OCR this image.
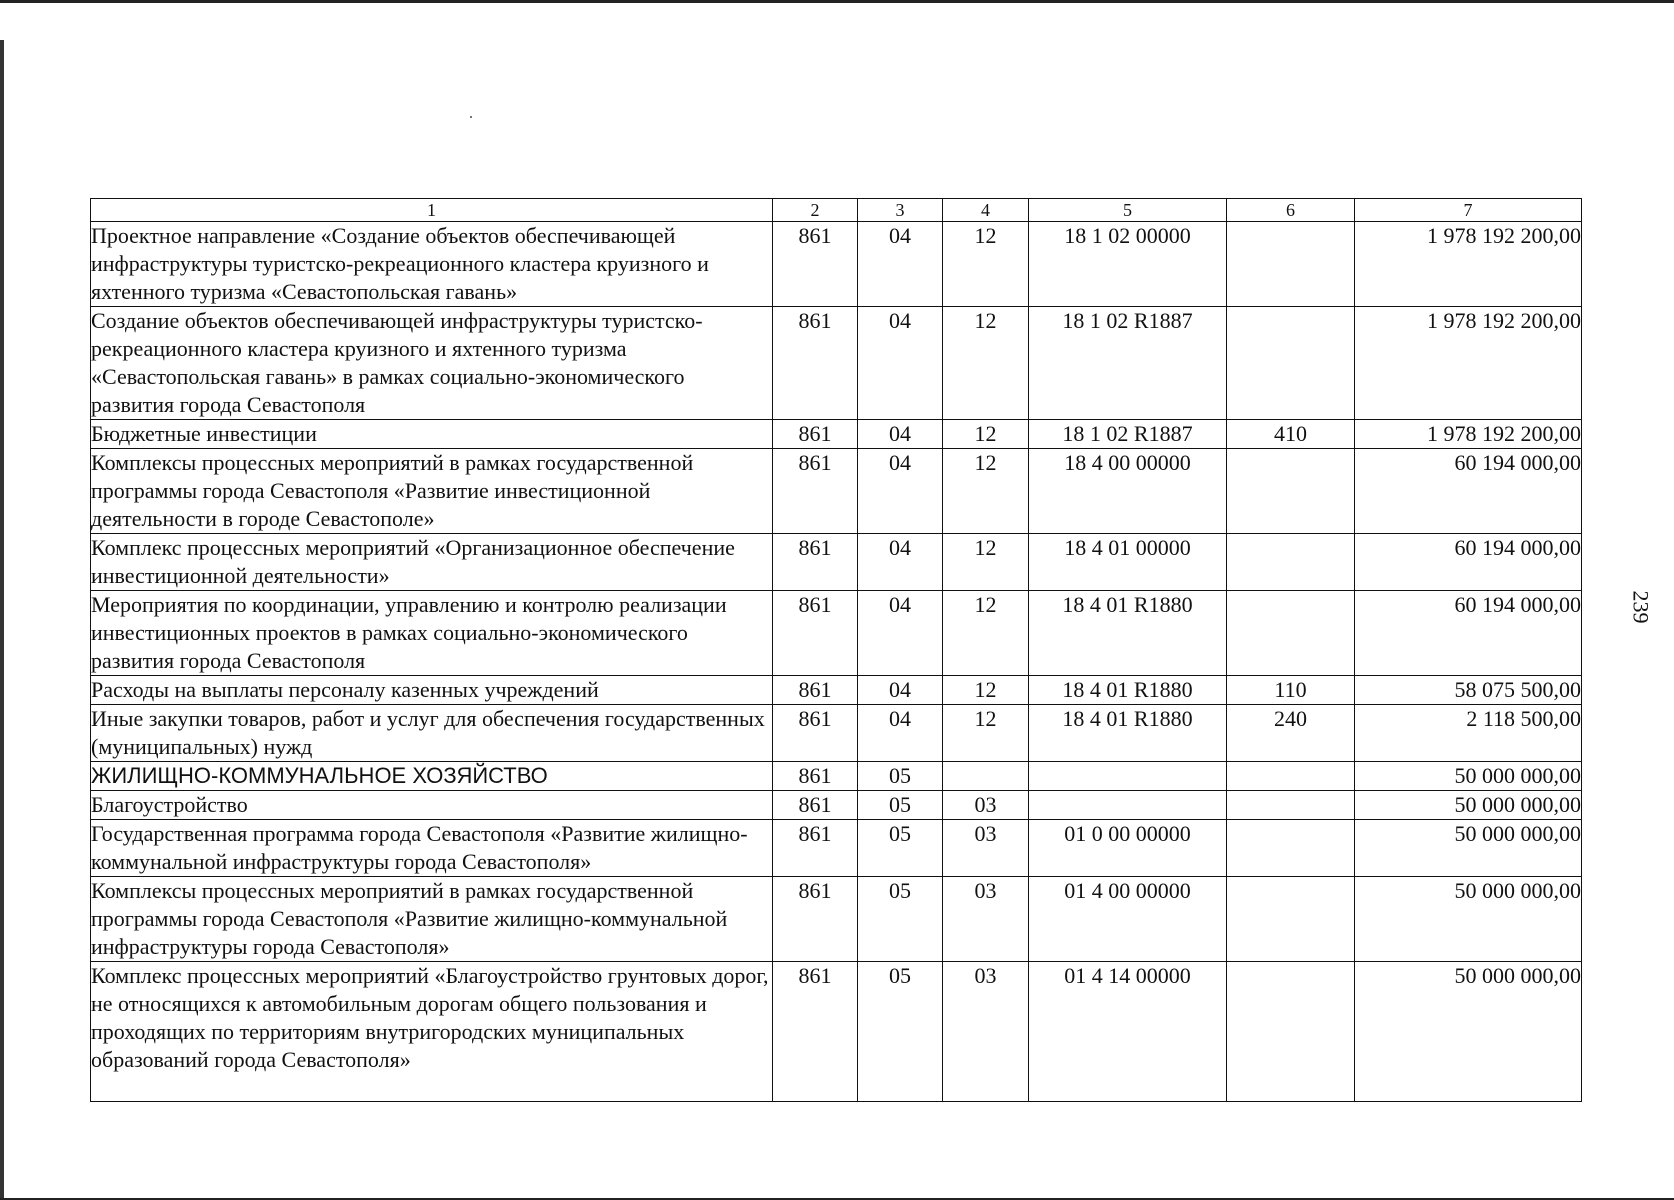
1	2	3	4	5	6	7
Проектное направление «Создание объектов обеспечивающей инфраструктуры туристско-рекреационного кластера круизного и яхтенного туризма «Севастопольская гавань»	861	04	12	18 1 02 00000		1 978 192 200,00
Создание объектов обеспечивающей инфраструктуры туристско-рекреационного кластера круизного и яхтенного туризма «Севастопольская гавань» в рамках социально-экономического развития города Севастополя	861	04	12	18 1 02 R1887		1 978 192 200,00
Бюджетные инвестиции	861	04	12	18 1 02 R1887	410	1 978 192 200,00
Комплексы процессных мероприятий в рамках государственной программы города Севастополя «Развитие инвестиционной деятельности в городе Севастополе»	861	04	12	18 4 00 00000		60 194 000,00
Комплекс процессных мероприятий «Организационное обеспечение инвестиционной деятельности»	861	04	12	18 4 01 00000		60 194 000,00
Мероприятия по координации, управлению и контролю реализации инвестиционных проектов в рамках социально-экономического развития города Севастополя	861	04	12	18 4 01 R1880		60 194 000,00
Расходы на выплаты персоналу казенных учреждений	861	04	12	18 4 01 R1880	110	58 075 500,00
Иные закупки товаров, работ и услуг для обеспечения государственных (муниципальных) нужд	861	04	12	18 4 01 R1880	240	2 118 500,00
ЖИЛИЩНО-КОММУНАЛЬНОЕ ХОЗЯЙСТВО	861	05				50 000 000,00
Благоустройство	861	05	03			50 000 000,00
Государственная программа города Севастополя «Развитие жилищно-коммунальной инфраструктуры города Севастополя»	861	05	03	01 0 00 00000		50 000 000,00
Комплексы процессных мероприятий в рамках государственной программы города Севастополя «Развитие жилищно-коммунальной инфраструктуры города Севастополя»	861	05	03	01 4 00 00000		50 000 000,00
Комплекс процессных мероприятий «Благоустройство грунтовых дорог, не относящихся к автомобильным дорогам общего пользования и проходящих по территориям внутригородских муниципальных образований города Севастополя»	861	05	03	01 4 14 00000		50 000 000,00
239
